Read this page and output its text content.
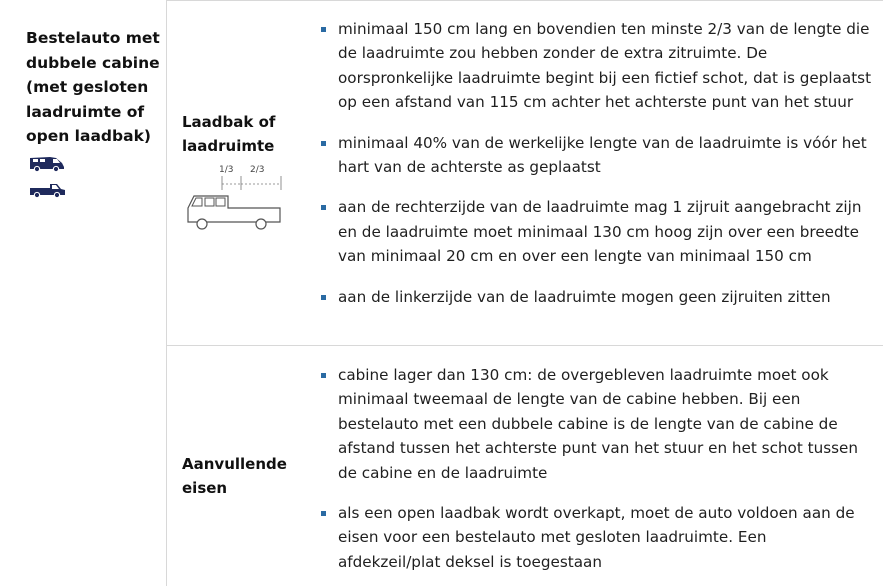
Bestelauto met dubbele cabine (met gesloten laadruimte of open laadbak)
Laadbak of laadruimte
1/3 2/3
minimaal 150 cm lang en bovendien ten minste 2/3 van de lengte die de laadruimte zou hebben zonder de extra zitruimte. De oorspronkelijke laadruimte begint bij een fictief schot, dat is geplaatst op een afstand van 115 cm achter het achterste punt van het stuur
minimaal 40% van de werkelijke lengte van de laadruimte is vóór het hart van de achterste as geplaatst
aan de rechterzijde van de laadruimte mag 1 zijruit aangebracht zijn en de laadruimte moet minimaal 130 cm hoog zijn over een breedte van minimaal 20 cm en over een lengte van minimaal 150 cm
aan de linkerzijde van de laadruimte mogen geen zijruiten zitten
Aanvullende eisen
cabine lager dan 130 cm: de overgebleven laadruimte moet ook minimaal tweemaal de lengte van de cabine hebben. Bij een bestelauto met een dubbele cabine is de lengte van de cabine de afstand tussen het achterste punt van het stuur en het schot tussen de cabine en de laadruimte
als een open laadbak wordt overkapt, moet de auto voldoen aan de eisen voor een bestelauto met gesloten laadruimte. Een afdekzeil/plat deksel is toegestaan
